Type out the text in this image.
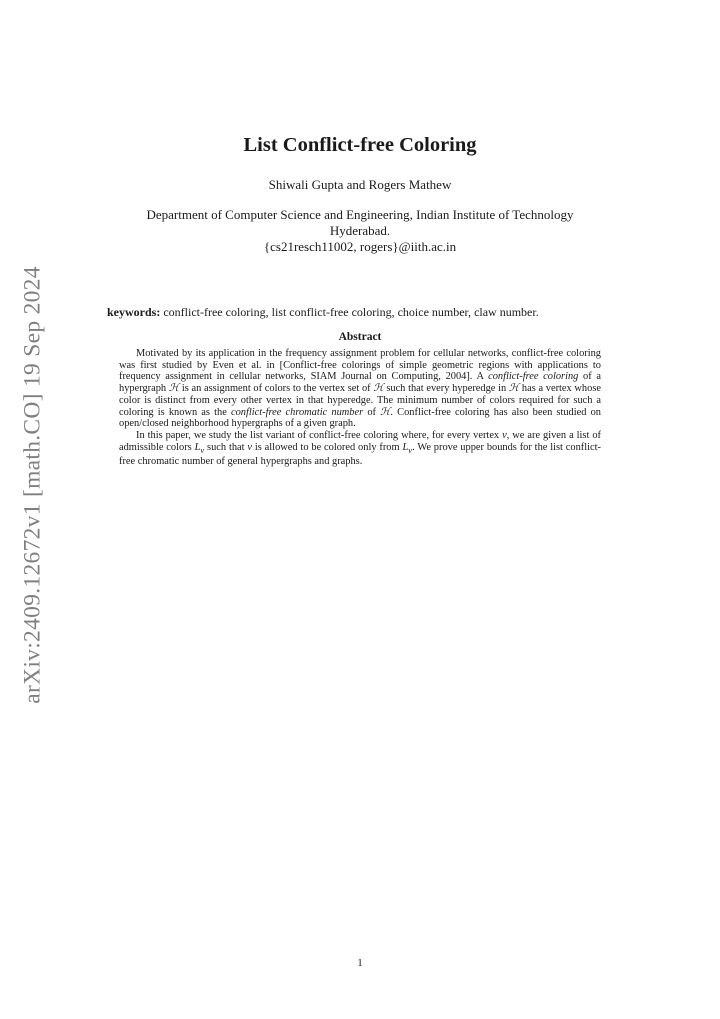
arXiv:2409.12672v1 [math.CO] 19 Sep 2024
List Conflict-free Coloring
Shiwali Gupta and Rogers Mathew
Department of Computer Science and Engineering, Indian Institute of Technology
Hyderabad.
{cs21resch11002, rogers}@iith.ac.in
keywords: conflict-free coloring, list conflict-free coloring, choice number, claw number.
Abstract

Motivated by its application in the frequency assignment problem for cellular networks, conflict-free coloring was first studied by Even et al. in [Conflict-free colorings of simple geometric regions with applications to frequency assignment in cellular networks, SIAM Journal on Computing, 2004]. A conflict-free coloring of a hypergraph ℋ is an assignment of colors to the vertex set of ℋ such that every hyperedge in ℋ has a vertex whose color is distinct from every other vertex in that hyperedge. The minimum number of colors required for such a coloring is known as the conflict-free chromatic number of ℋ. Conflict-free coloring has also been studied on open/closed neighborhood hypergraphs of a given graph.

In this paper, we study the list variant of conflict-free coloring where, for every vertex v, we are given a list of admissible colors $L_v$ such that v is allowed to be colored only from $L_v$. We prove upper bounds for the list conflict-free chromatic number of general hypergraphs and graphs.

1
